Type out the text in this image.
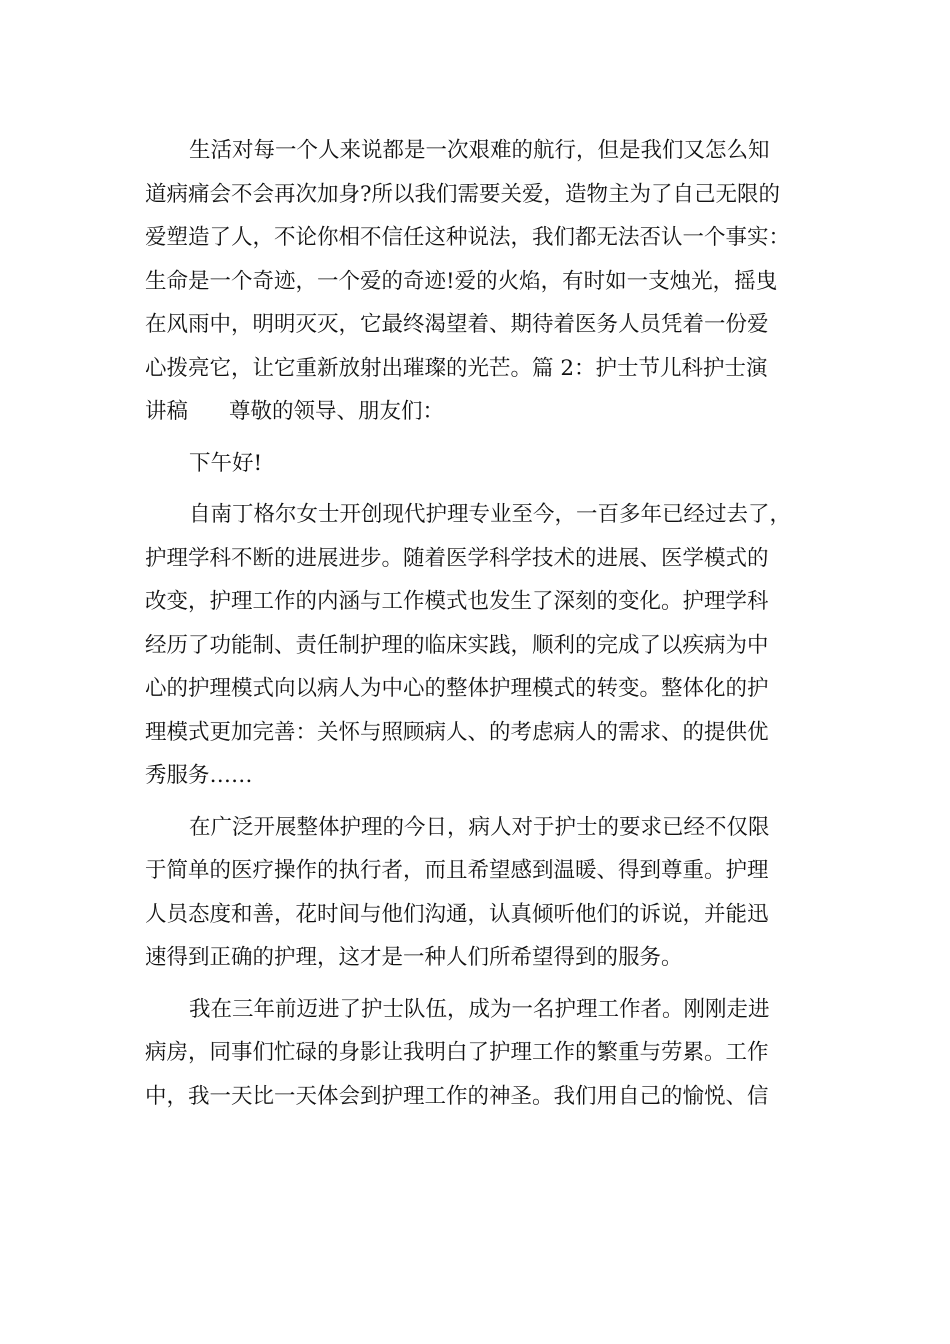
生活对每一个人来说都是一次艰难的航行，但是我们又怎么知
道病痛会不会再次加身?所以我们需要关爱，造物主为了自己无限的
爱塑造了人，不论你相不信任这种说法，我们都无法否认一个事实：
生命是一个奇迹，一个爱的奇迹!爱的火焰，有时如一支烛光，摇曳
在风雨中，明明灭灭，它最终渴望着、期待着医务人员凭着一份爱
心拨亮它，让它重新放射出璀璨的光芒。篇 2：护士节儿科护士演
讲稿      尊敬的领导、朋友们：
下午好!
自南丁格尔女士开创现代护理专业至今，一百多年已经过去了，
护理学科不断的进展进步。随着医学科学技术的进展、医学模式的
改变，护理工作的内涵与工作模式也发生了深刻的变化。护理学科
经历了功能制、责任制护理的临床实践，顺利的完成了以疾病为中
心的护理模式向以病人为中心的整体护理模式的转变。整体化的护
理模式更加完善：关怀与照顾病人、的考虑病人的需求、的提供优
秀服务……
在广泛开展整体护理的今日，病人对于护士的要求已经不仅限
于简单的医疗操作的执行者，而且希望感到温暖、得到尊重。护理
人员态度和善，花时间与他们沟通，认真倾听他们的诉说，并能迅
速得到正确的护理，这才是一种人们所希望得到的服务。
我在三年前迈进了护士队伍，成为一名护理工作者。刚刚走进
病房，同事们忙碌的身影让我明白了护理工作的繁重与劳累。工作
中，我一天比一天体会到护理工作的神圣。我们用自己的愉悦、信
